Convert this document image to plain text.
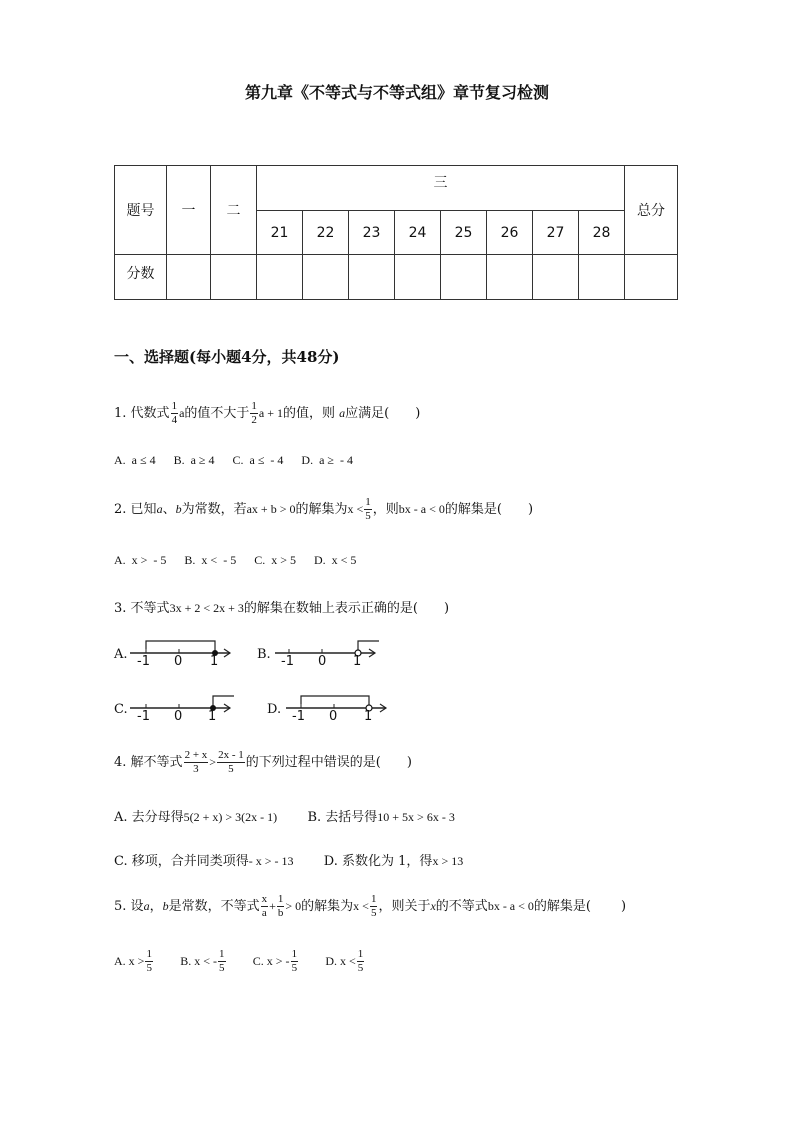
第九章《不等式与不等式组》章节复习检测
题号	一	二	三								总分
			21	22	23	24	25	26	27	28	
分数											
一、选择题(每小题4分，共48分)
1. 代数式 $\frac{1}{4}$ a的值不大于 $\frac{1}{2}$ a + 1的值，则 a应满足( )
A.  a ≤ 4      B.  a ≥ 4      C.  a ≤  - 4      D.  a ≥  - 4
2. 已知a、b为常数，若ax + b > 0的解集为$x < \frac{1}{5}$ ，则bx - a < 0的解集是( )
A.  x >  - 5      B.  x <  - 5      C.  x > 5      D.  x < 5
3. 不等式3x + 2 < 2x + 3的解集在数轴上表示正确的是( )
A. -1 0 1	B. -1 0 1
C. -1 0 1	D. -1 0 1
4. 解不等式 $\frac{2 + x}{3} > \frac{2x - 1}{5}$ 的下列过程中错误的是( )
A. 去分母得5(2 + x) > 3(2x - 1) B. 去括号得10 + 5x > 6x - 3
C. 移项，合并同类项得- x > - 13 D. 系数化为 1，得x > 13
5. 设a，b是常数，不等式 $\frac{x}{a} + \frac{1}{b} > 0$的解集为$x < \frac{1}{5}$ ，则关于x的不等式bx - a < 0的解集是( )
A. $x > \frac{1}{5} B$. x < - $\frac{1}{5} C$. x > - $\frac{1}{5} D$. $x < \frac{1}{5}$
